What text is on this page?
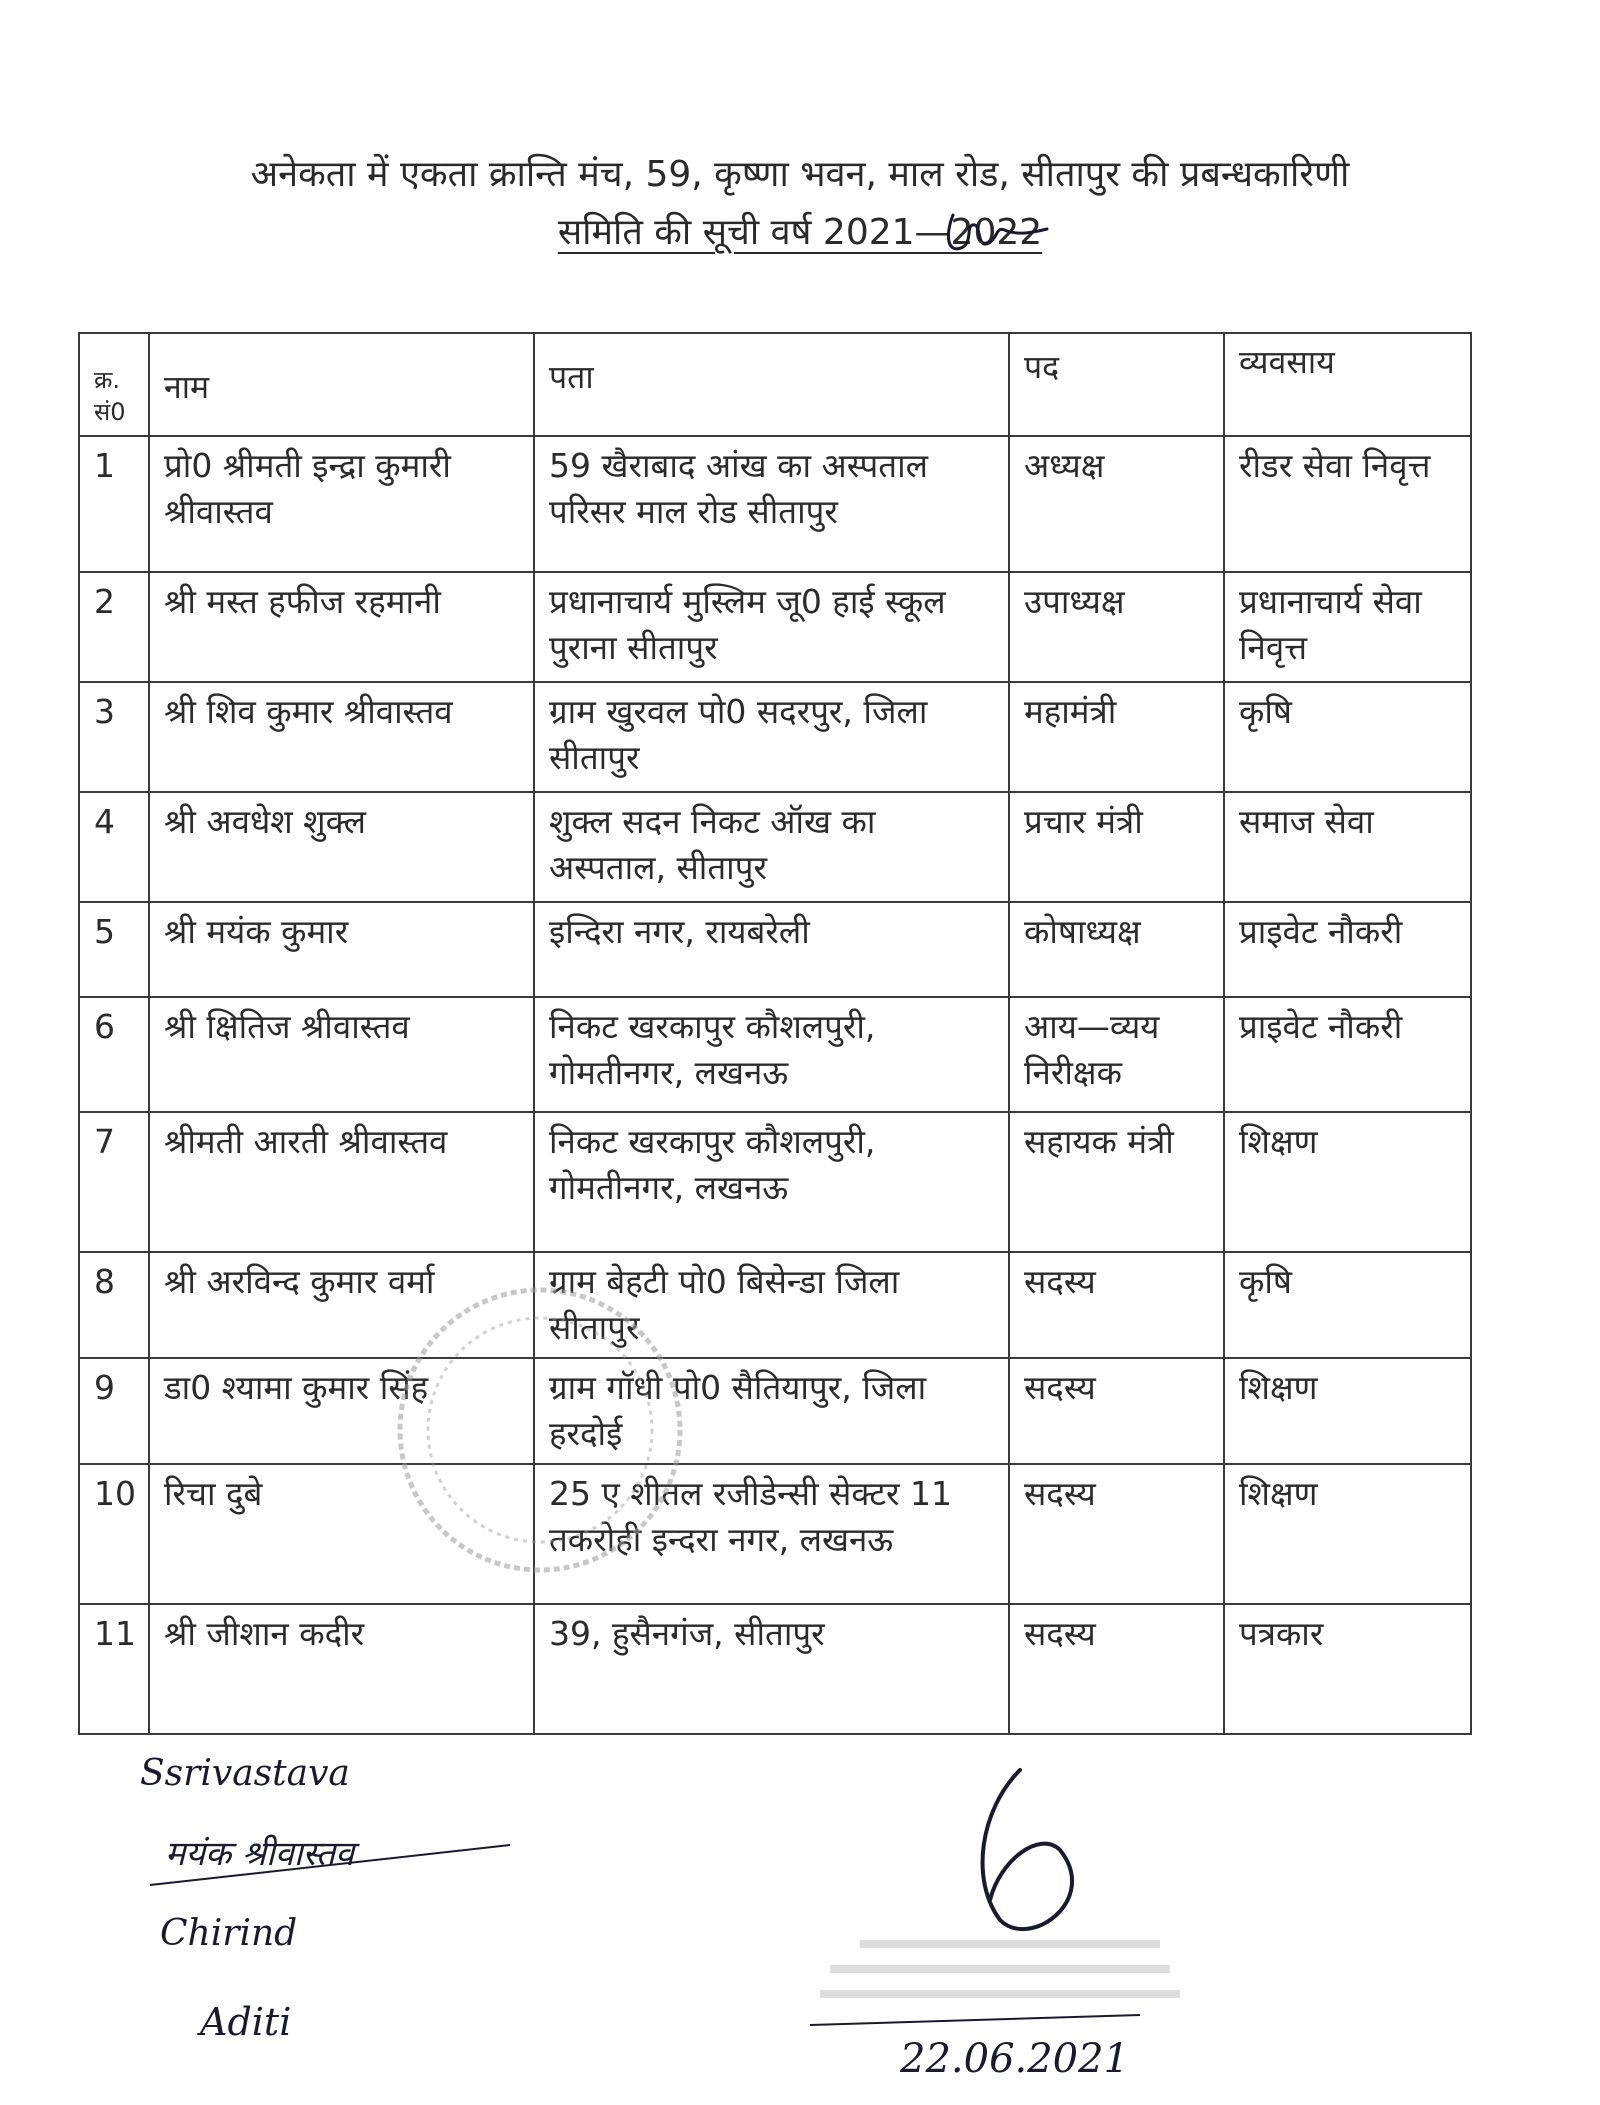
अनेकता में एकता क्रान्ति मंच, 59, कृष्णा भवन, माल रोड, सीतापुर की प्रबन्धकारिणी
समिति की सूची वर्ष 2021—2022
क्र. सं0	नाम	पता	पद	व्यवसाय
1	प्रो0 श्रीमती इन्द्रा कुमारी श्रीवास्तव	59 खैराबाद आंख का अस्पताल परिसर माल रोड सीतापुर	अध्यक्ष	रीडर सेवा निवृत्त
2	श्री मस्त हफीज रहमानी	प्रधानाचार्य मुस्लिम जू0 हाई स्कूल पुराना सीतापुर	उपाध्यक्ष	प्रधानाचार्य सेवा निवृत्त
3	श्री शिव कुमार श्रीवास्तव	ग्राम खुरवल पो0 सदरपुर, जिला सीतापुर	महामंत्री	कृषि
4	श्री अवधेश शुक्ल	शुक्ल सदन निकट ऑख का अस्पताल, सीतापुर	प्रचार मंत्री	समाज सेवा
5	श्री मयंक कुमार	इन्दिरा नगर, रायबरेली	कोषाध्यक्ष	प्राइवेट नौकरी
6	श्री क्षितिज श्रीवास्तव	निकट खरकापुर कौशलपुरी, गोमतीनगर, लखनऊ	आय—व्यय निरीक्षक	प्राइवेट नौकरी
7	श्रीमती आरती श्रीवास्तव	निकट खरकापुर कौशलपुरी, गोमतीनगर, लखनऊ	सहायक मंत्री	शिक्षण
8	श्री अरविन्द कुमार वर्मा	ग्राम बेहटी पो0 बिसेन्डा जिला सीतापुर	सदस्य	कृषि
9	डा0 श्यामा कुमार सिंह	ग्राम गॉधी पो0 सैतियापुर, जिला हरदोई	सदस्य	शिक्षण
10	रिचा दुबे	25 ए शीतल रजीडेन्सी सेक्टर 11 तकरोही इन्दरा नगर, लखनऊ	सदस्य	शिक्षण
11	श्री जीशान कदीर	39, हुसैनगंज, सीतापुर	सदस्य	पत्रकार
Ssrivastava
मयंक श्रीवास्तव
Chirind
Aditi
22.06.2021
